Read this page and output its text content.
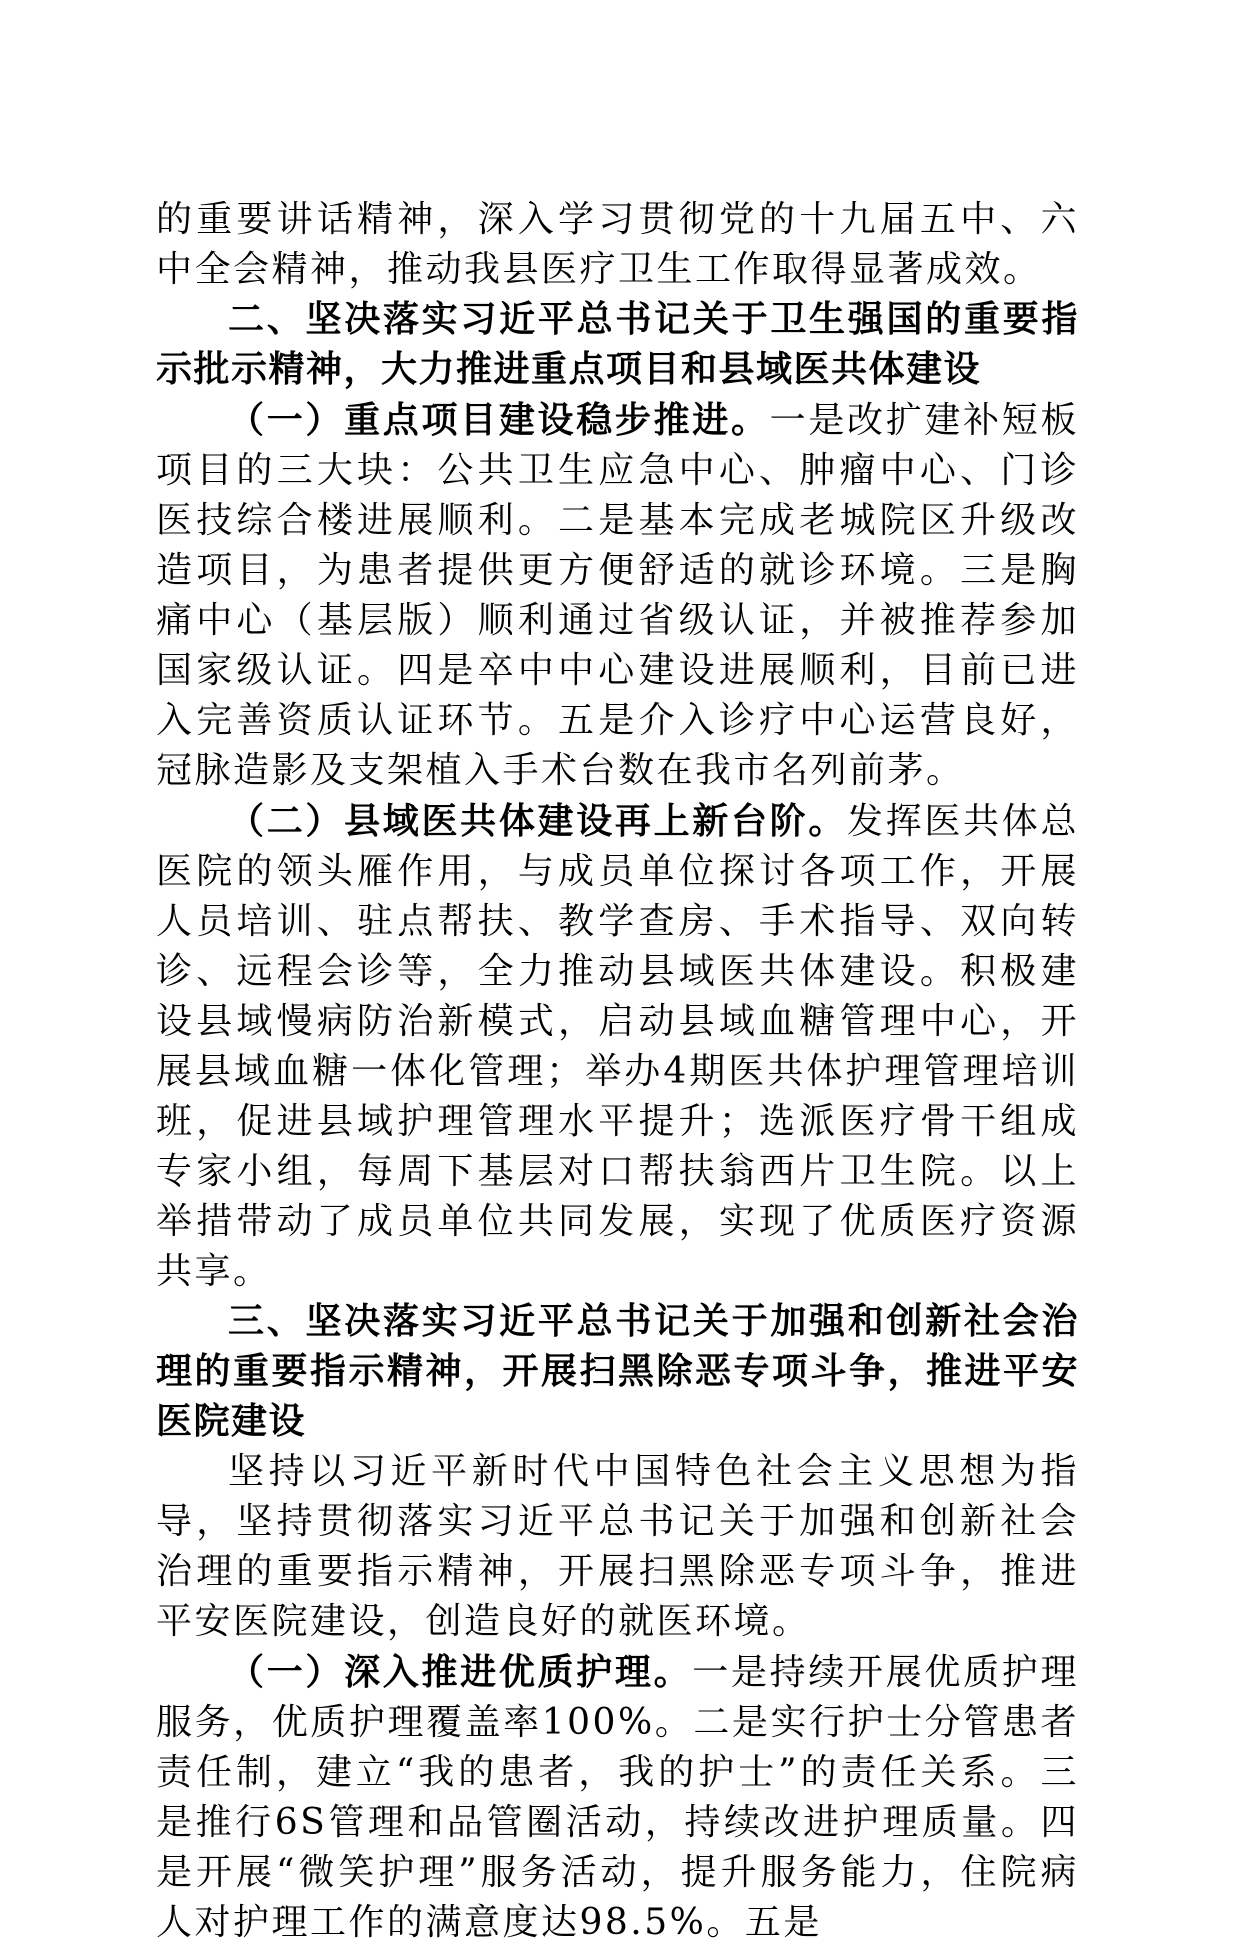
的重要讲话精神，深入学习贯彻党的十九届五中、六中全会精神，推动我县医疗卫生工作取得显著成效。

二、坚决落实习近平总书记关于卫生强国的重要指示批示精神，大力推进重点项目和县域医共体建设

（一）重点项目建设稳步推进。一是改扩建补短板项目的三大块：公共卫生应急中心、肿瘤中心、门诊医技综合楼进展顺利。二是基本完成老城院区升级改造项目，为患者提供更方便舒适的就诊环境。三是胸痛中心（基层版）顺利通过省级认证，并被推荐参加国家级认证。四是卒中中心建设进展顺利，目前已进入完善资质认证环节。五是介入诊疗中心运营良好，冠脉造影及支架植入手术台数在我市名列前茅。

（二）县域医共体建设再上新台阶。发挥医共体总医院的领头雁作用，与成员单位探讨各项工作，开展人员培训、驻点帮扶、教学查房、手术指导、双向转诊、远程会诊等，全力推动县域医共体建设。积极建设县域慢病防治新模式，启动县域血糖管理中心，开展县域血糖一体化管理；举办4期医共体护理管理培训班，促进县域护理管理水平提升；选派医疗骨干组成专家小组，每周下基层对口帮扶翁西片卫生院。以上举措带动了成员单位共同发展，实现了优质医疗资源共享。

三、坚决落实习近平总书记关于加强和创新社会治理的重要指示精神，开展扫黑除恶专项斗争，推进平安医院建设

坚持以习近平新时代中国特色社会主义思想为指导，坚持贯彻落实习近平总书记关于加强和创新社会治理的重要指示精神，开展扫黑除恶专项斗争，推进平安医院建设，创造良好的就医环境。

（一）深入推进优质护理。一是持续开展优质护理服务，优质护理覆盖率100%。二是实行护士分管患者责任制，建立“我的患者，我的护士”的责任关系。三是推行6S管理和品管圈活动，持续改进护理质量。四是开展“微笑护理”服务活动，提升服务能力，住院病人对护理工作的满意度达98.5%。五是
